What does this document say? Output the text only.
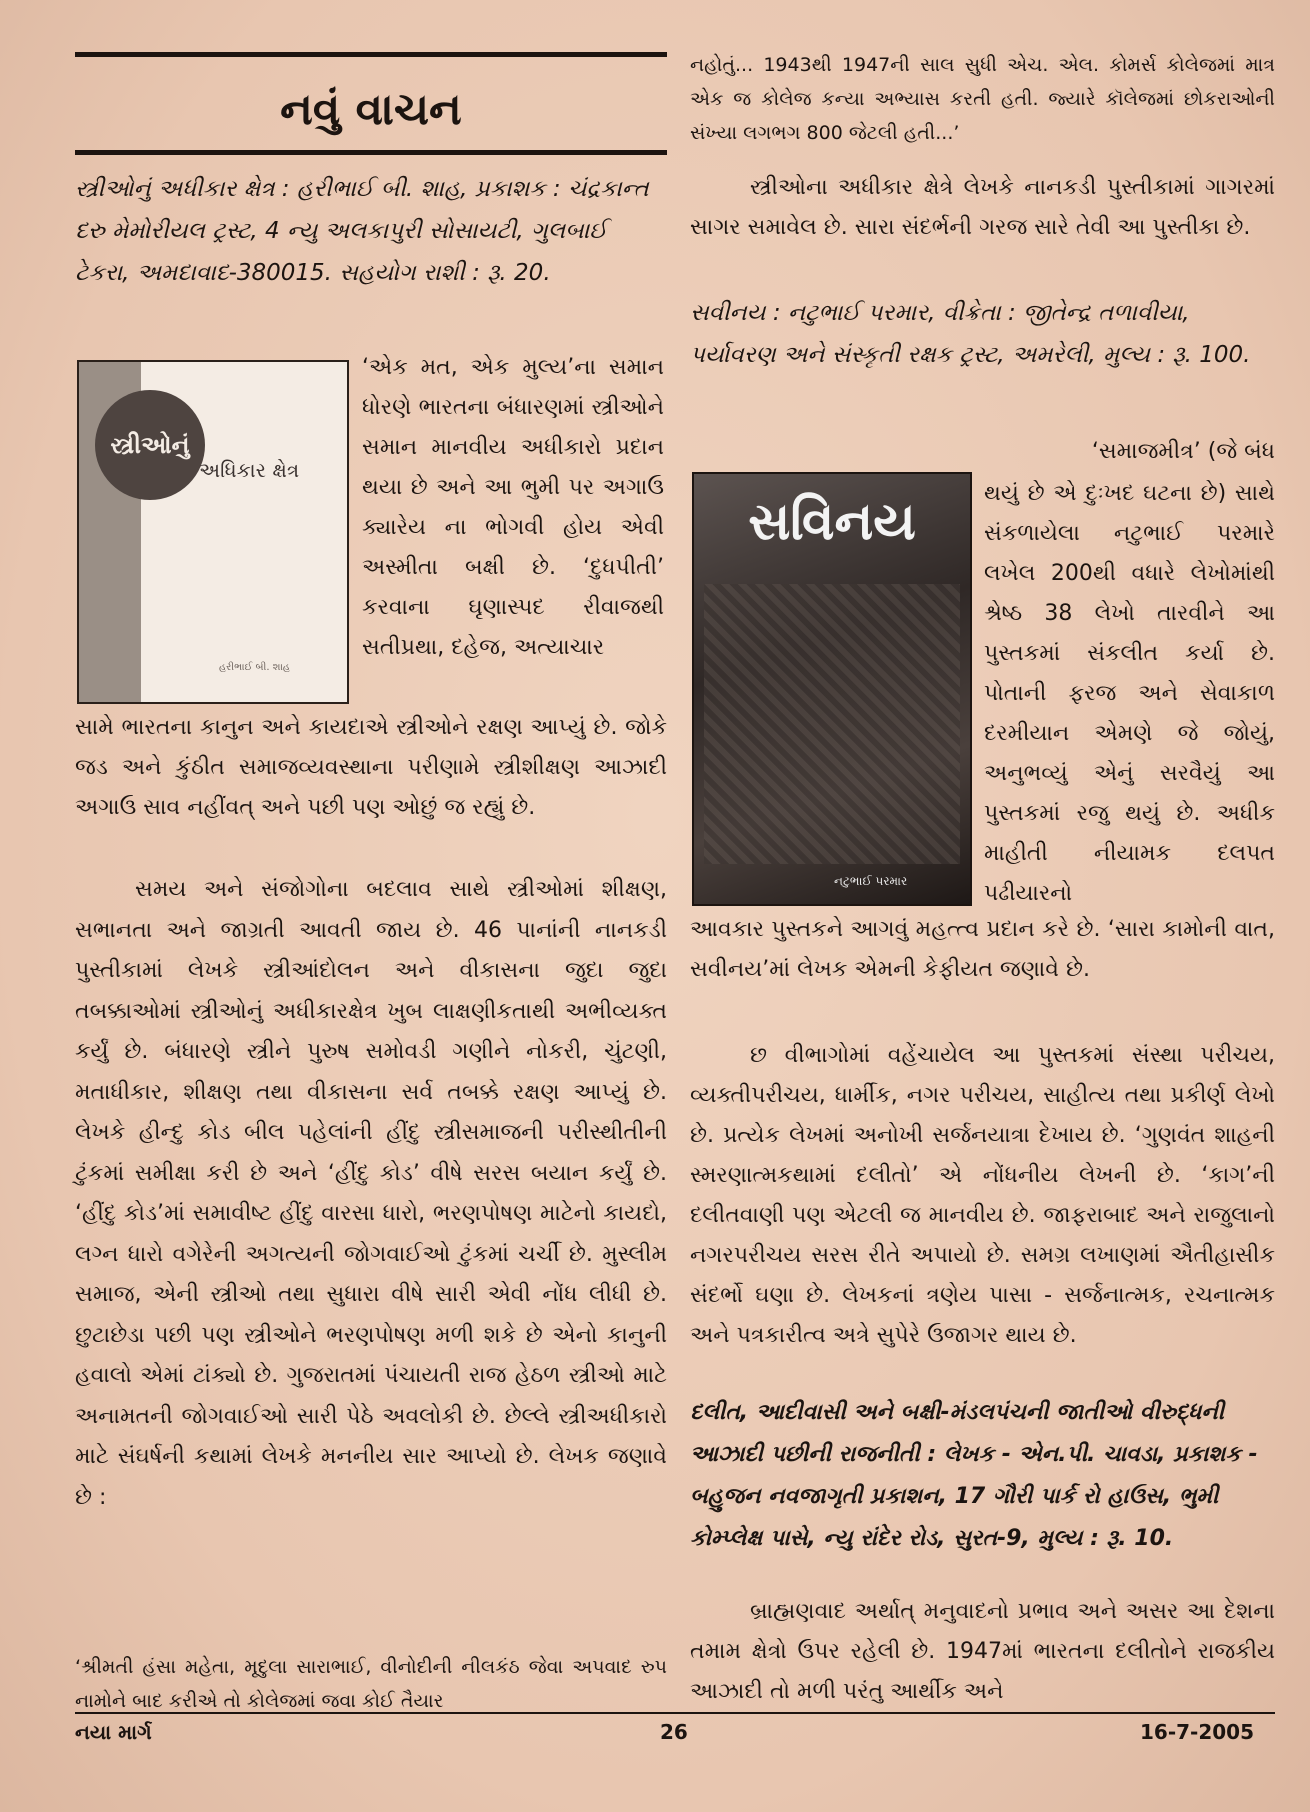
નવું વાચન

સ્ત્રીઓનું અધીકાર ક્ષેત્ર : હરીભાઈ બી. શાહ, પ્રકાશક : ચંદ્રકાન્ત દરુ મેમોરીયલ ટ્રસ્ટ, 4 ન્યુ અલકાપુરી સોસાયટી, ગુલબાઈ ટેકરા, અમદાવાદ-380015. સહયોગ રાશી : રૂ. 20.

સ્ત્રીઓનું
અધિકાર ક્ષેત્ર
હરીભાઈ બી. શાહ

‘એક મત, એક મુલ્ય’ના સમાન ધોરણે ભારતના બંધારણમાં સ્ત્રીઓને સમાન માનવીય અધીકારો પ્રદાન થયા છે અને આ ભુમી પર અગાઉ ક્યારેય ના ભોગવી હોય એવી અસ્મીતા બક્ષી છે. ‘દુધપીતી’ કરવાના ઘૃણાસ્પદ રીવાજથી સતીપ્રથા, દહેજ, અત્યાચાર

સામે ભારતના કાનુન અને કાયદાએ સ્ત્રીઓને રક્ષણ આપ્યું છે. જોકે જડ અને કુંઠીત સમાજવ્યવસ્થાના પરીણામે સ્ત્રીશીક્ષણ આઝાદી અગાઉ સાવ નહીંવત્ અને પછી પણ ઓછું જ રહ્યું છે.

સમય અને સંજોગોના બદલાવ સાથે સ્ત્રીઓમાં શીક્ષણ, સભાનતા અને જાગ્રતી આવતી જાય છે. 46 પાનાંની નાનકડી પુસ્તીકામાં લેખકે સ્ત્રીઆંદોલન અને વીકાસના જુદા જુદા તબક્કાઓમાં સ્ત્રીઓનું અધીકારક્ષેત્ર ખુબ લાક્ષણીકતાથી અભીવ્યક્ત કર્યું છે. બંધારણે સ્ત્રીને પુરુષ સમોવડી ગણીને નોકરી, ચુંટણી, મતાધીકાર, શીક્ષણ તથા વીકાસના સર્વ તબક્કે રક્ષણ આપ્યું છે. લેખકે હીન્દુ કોડ બીલ પહેલાંની હીંદુ સ્ત્રીસમાજની પરીસ્થીતીની ટુંકમાં સમીક્ષા કરી છે અને ‘હીંદુ કોડ’ વીષે સરસ બયાન કર્યું છે. ‘હીંદુ કોડ’માં સમાવીષ્ટ હીંદુ વારસા ધારો, ભરણપોષણ માટેનો કાયદો, લગ્ન ધારો વગેરેની અગત્યની જોગવાઈઓ ટુંકમાં ચર્ચી છે. મુસ્લીમ સમાજ, એની સ્ત્રીઓ તથા સુધારા વીષે સારી એવી નોંધ લીધી છે. છુટાછેડા પછી પણ સ્ત્રીઓને ભરણપોષણ મળી શકે છે એનો કાનુની હવાલો એમાં ટાંક્યો છે. ગુજરાતમાં પંચાયતી રાજ હેઠળ સ્ત્રીઓ માટે અનામતની જોગવાઈઓ સારી પેઠે અવલોકી છે. છેલ્લે સ્ત્રીઅધીકારો માટે સંઘર્ષની કથામાં લેખકે મનનીય સાર આપ્યો છે. લેખક જણાવે છે :

‘શ્રીમતી હંસા મહેતા, મૃદુલા સારાભાઈ, વીનોદીની નીલકંઠ જેવા અપવાદ રુપ નામોને બાદ કરીએ તો કોલેજમાં જવા કોઈ તૈયાર

નહોતું... 1943થી 1947ની સાલ સુધી એચ. એલ. કોમર્સ કોલેજમાં માત્ર એક જ કોલેજ કન્યા અભ્યાસ કરતી હતી. જ્યારે કૉલેજમાં છોકરાઓની સંખ્યા લગભગ 800 જેટલી હતી...’

સ્ત્રીઓના અધીકાર ક્ષેત્રે લેખકે નાનકડી પુસ્તીકામાં ગાગરમાં સાગર સમાવેલ છે. સારા સંદર્ભની ગરજ સારે તેવી આ પુસ્તીકા છે.

સવીનય : નટુભાઈ પરમાર, વીક્રેતા : જીતેન્દ્ર તળાવીયા, પર્યાવરણ અને સંસ્કૃતી રક્ષક ટ્રસ્ટ, અમરેલી, મુલ્ય : રૂ. 100.

‘સમાજમીત્ર’ (જે બંધ

સવિનય
નટુભાઈ પરમાર

થયું છે એ દુઃખદ ઘટના છે) સાથે સંકળાયેલા નટુભાઈ પરમારે લખેલ 200થી વધારે લેખોમાંથી શ્રેષ્ઠ 38 લેખો તારવીને આ પુસ્તકમાં સંકલીત કર્યા છે. પોતાની ફરજ અને સેવાકાળ દરમીયાન એમણે જે જોયું, અનુભવ્યું એનું સરવૈયું આ પુસ્તકમાં રજુ થયું છે. અધીક માહીતી નીયામક દલપત પઢીયારનો

આવકાર પુસ્તકને આગવું મહત્ત્વ પ્રદાન કરે છે. ‘સારા કામોની વાત, સવીનય’માં લેખક એમની કેફીયત જણાવે છે.

છ વીભાગોમાં વહેંચાયેલ આ પુસ્તકમાં સંસ્થા પરીચય, વ્યક્તીપરીચય, ધાર્મીક, નગર પરીચય, સાહીત્ય તથા પ્રકીર્ણ લેખો છે. પ્રત્યેક લેખમાં અનોખી સર્જનયાત્રા દેખાય છે. ‘ગુણવંત શાહની સ્મરણાત્મકથામાં દલીતો’ એ નોંધનીય લેખની છે. ‘કાગ’ની દલીતવાણી પણ એટલી જ માનવીય છે. જાફરાબાદ અને રાજુલાનો નગરપરીચય સરસ રીતે અપાયો છે. સમગ્ર લખાણમાં ઐતીહાસીક સંદર્ભો ઘણા છે. લેખકનાં ત્રણેય પાસા - સર્જનાત્મક, રચનાત્મક અને પત્રકારીત્વ અત્રે સુપેરે ઉજાગર થાય છે.

દલીત, આદીવાસી અને બક્ષી-મંડલપંચની જાતીઓ વીરુદ્ધની આઝાદી પછીની રાજનીતી : લેખક - એન.પી. ચાવડા, પ્રકાશક - બહુજન નવજાગૃતી પ્રકાશન, 17 ગૌરી પાર્ક રો હાઉસ, ભુમી કોમ્પ્લેક્ષ પાસે, ન્યુ રાંદેર રોડ, સુરત-9, મુલ્ય : રૂ. 10.

બ્રાહ્મણવાદ અર્થાત્ મનુવાદનો પ્રભાવ અને અસર આ દેશના તમામ ક્ષેત્રો ઉપર રહેલી છે. 1947માં ભારતના દલીતોને રાજકીય આઝાદી તો મળી પરંતુ આર્થીક અને

નયા માર્ગ	26	16-7-2005
